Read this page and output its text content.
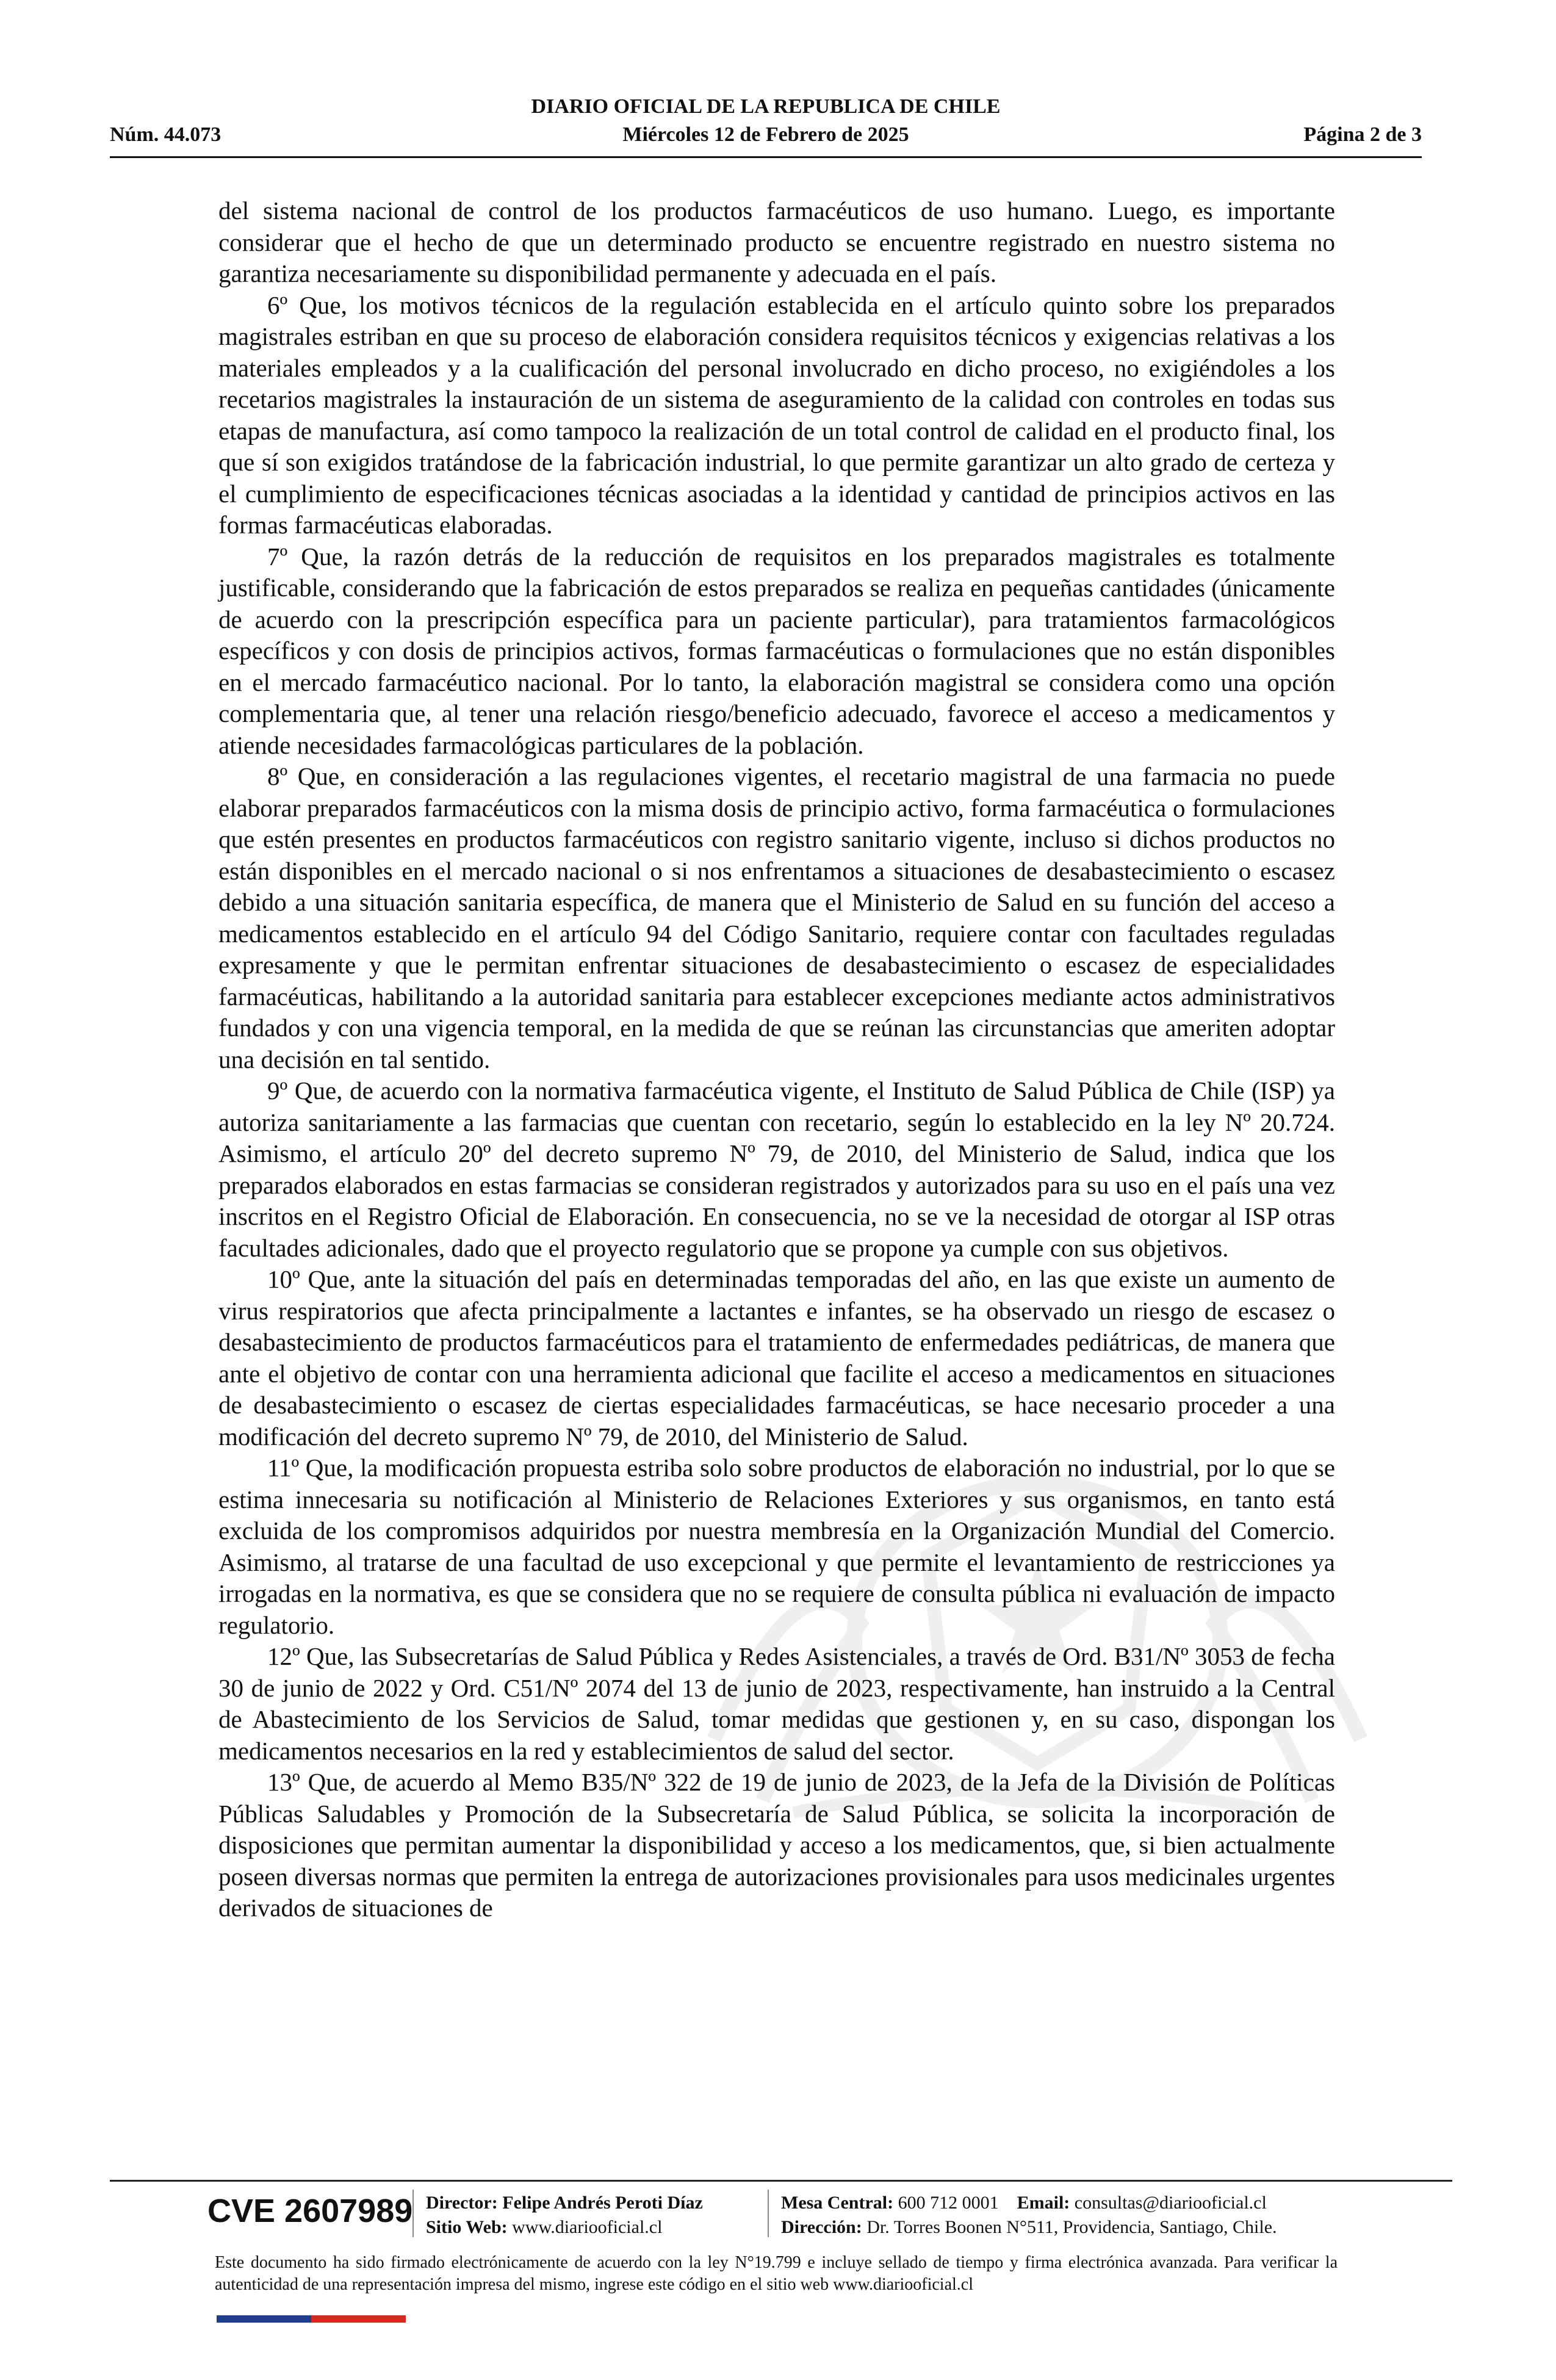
DIARIO OFICIAL DE LA REPUBLICA DE CHILE
Núm. 44.073	Miércoles 12 de Febrero de 2025	Página 2 de 3

del sistema nacional de control de los productos farmacéuticos de uso humano. Luego, es importante considerar que el hecho de que un determinado producto se encuentre registrado en nuestro sistema no garantiza necesariamente su disponibilidad permanente y adecuada en el país.

6º Que, los motivos técnicos de la regulación establecida en el artículo quinto sobre los preparados magistrales estriban en que su proceso de elaboración considera requisitos técnicos y exigencias relativas a los materiales empleados y a la cualificación del personal involucrado en dicho proceso, no exigiéndoles a los recetarios magistrales la instauración de un sistema de aseguramiento de la calidad con controles en todas sus etapas de manufactura, así como tampoco la realización de un total control de calidad en el producto final, los que sí son exigidos tratándose de la fabricación industrial, lo que permite garantizar un alto grado de certeza y el cumplimiento de especificaciones técnicas asociadas a la identidad y cantidad de principios activos en las formas farmacéuticas elaboradas.

7º Que, la razón detrás de la reducción de requisitos en los preparados magistrales es totalmente justificable, considerando que la fabricación de estos preparados se realiza en pequeñas cantidades (únicamente de acuerdo con la prescripción específica para un paciente particular), para tratamientos farmacológicos específicos y con dosis de principios activos, formas farmacéuticas o formulaciones que no están disponibles en el mercado farmacéutico nacional. Por lo tanto, la elaboración magistral se considera como una opción complementaria que, al tener una relación riesgo/beneficio adecuado, favorece el acceso a medicamentos y atiende necesidades farmacológicas particulares de la población.

8º Que, en consideración a las regulaciones vigentes, el recetario magistral de una farmacia no puede elaborar preparados farmacéuticos con la misma dosis de principio activo, forma farmacéutica o formulaciones que estén presentes en productos farmacéuticos con registro sanitario vigente, incluso si dichos productos no están disponibles en el mercado nacional o si nos enfrentamos a situaciones de desabastecimiento o escasez debido a una situación sanitaria específica, de manera que el Ministerio de Salud en su función del acceso a medicamentos establecido en el artículo 94 del Código Sanitario, requiere contar con facultades reguladas expresamente y que le permitan enfrentar situaciones de desabastecimiento o escasez de especialidades farmacéuticas, habilitando a la autoridad sanitaria para establecer excepciones mediante actos administrativos fundados y con una vigencia temporal, en la medida de que se reúnan las circunstancias que ameriten adoptar una decisión en tal sentido.

9º Que, de acuerdo con la normativa farmacéutica vigente, el Instituto de Salud Pública de Chile (ISP) ya autoriza sanitariamente a las farmacias que cuentan con recetario, según lo establecido en la ley Nº 20.724. Asimismo, el artículo 20º del decreto supremo Nº 79, de 2010, del Ministerio de Salud, indica que los preparados elaborados en estas farmacias se consideran registrados y autorizados para su uso en el país una vez inscritos en el Registro Oficial de Elaboración. En consecuencia, no se ve la necesidad de otorgar al ISP otras facultades adicionales, dado que el proyecto regulatorio que se propone ya cumple con sus objetivos.

10º Que, ante la situación del país en determinadas temporadas del año, en las que existe un aumento de virus respiratorios que afecta principalmente a lactantes e infantes, se ha observado un riesgo de escasez o desabastecimiento de productos farmacéuticos para el tratamiento de enfermedades pediátricas, de manera que ante el objetivo de contar con una herramienta adicional que facilite el acceso a medicamentos en situaciones de desabastecimiento o escasez de ciertas especialidades farmacéuticas, se hace necesario proceder a una modificación del decreto supremo Nº 79, de 2010, del Ministerio de Salud.

11º Que, la modificación propuesta estriba solo sobre productos de elaboración no industrial, por lo que se estima innecesaria su notificación al Ministerio de Relaciones Exteriores y sus organismos, en tanto está excluida de los compromisos adquiridos por nuestra membresía en la Organización Mundial del Comercio. Asimismo, al tratarse de una facultad de uso excepcional y que permite el levantamiento de restricciones ya irrogadas en la normativa, es que se considera que no se requiere de consulta pública ni evaluación de impacto regulatorio.

12º Que, las Subsecretarías de Salud Pública y Redes Asistenciales, a través de Ord. B31/Nº 3053 de fecha 30 de junio de 2022 y Ord. C51/Nº 2074 del 13 de junio de 2023, respectivamente, han instruido a la Central de Abastecimiento de los Servicios de Salud, tomar medidas que gestionen y, en su caso, dispongan los medicamentos necesarios en la red y establecimientos de salud del sector.

13º Que, de acuerdo al Memo B35/Nº 322 de 19 de junio de 2023, de la Jefa de la División de Políticas Públicas Saludables y Promoción de la Subsecretaría de Salud Pública, se solicita la incorporación de disposiciones que permitan aumentar la disponibilidad y acceso a los medicamentos, que, si bien actualmente poseen diversas normas que permiten la entrega de autorizaciones provisionales para usos medicinales urgentes derivados de situaciones de

CVE 2607989 Director: Felipe Andrés Peroti Díaz
Sitio Web: www.diariooficial.cl
Mesa Central: 600 712 0001 Email: consultas@diariooficial.cl
Dirección: Dr. Torres Boonen N°511, Providencia, Santiago, Chile.
Este documento ha sido firmado electrónicamente de acuerdo con la ley N°19.799 e incluye sellado de tiempo y firma electrónica avanzada. Para verificar la autenticidad de una representación impresa del mismo, ingrese este código en el sitio web www.diariooficial.cl
